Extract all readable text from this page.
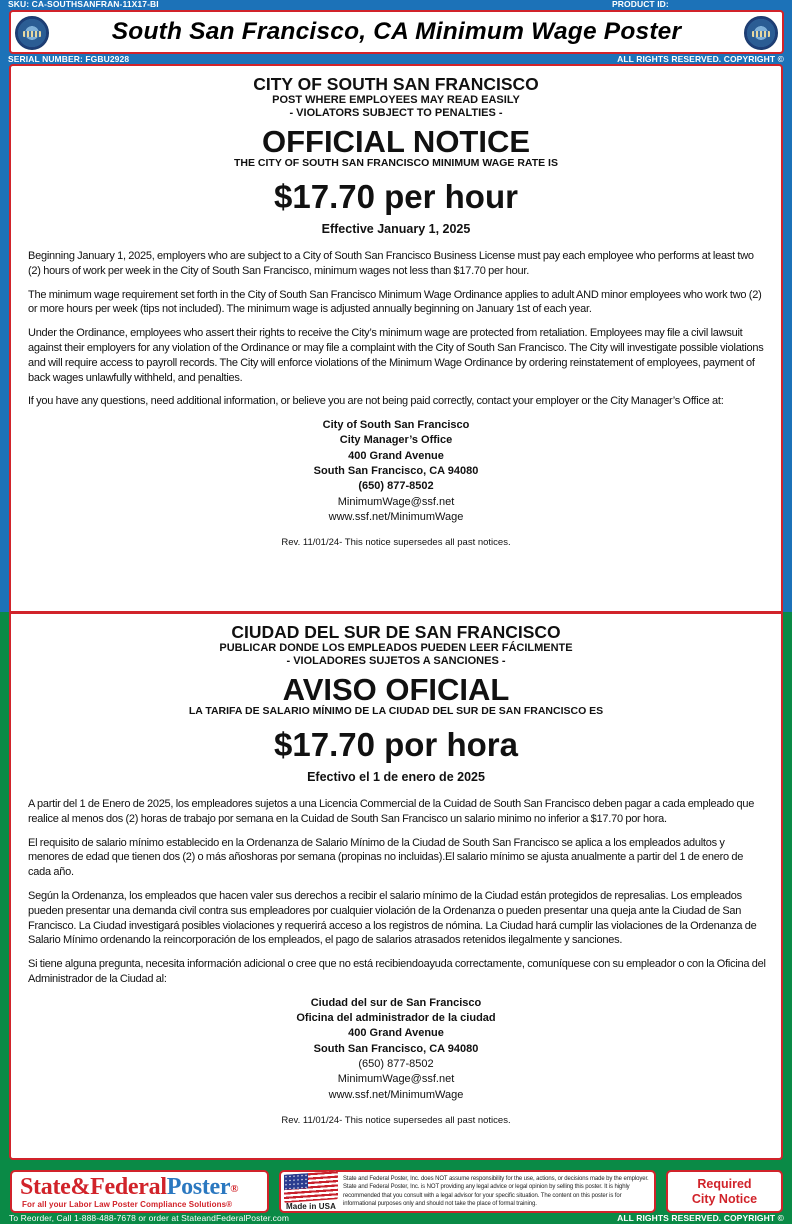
SKU: CA-SOUTHSANFRAN-11X17-BI	PRODUCT ID:
South San Francisco, CA Minimum Wage Poster
SERIAL NUMBER: FGBU2928	ALL RIGHTS RESERVED. COPYRIGHT ©
CITY OF SOUTH SAN FRANCISCO
POST WHERE EMPLOYEES MAY READ EASILY
- VIOLATORS SUBJECT TO PENALTIES -
OFFICIAL NOTICE
THE CITY OF SOUTH SAN FRANCISCO MINIMUM WAGE RATE IS
$17.70 per hour
Effective January 1, 2025

Beginning January 1, 2025, employers who are subject to a City of South San Francisco Business License must pay each employee who performs at least two (2) hours of work per week in the City of South San Francisco, minimum wages not less than $17.70 per hour.

The minimum wage requirement set forth in the City of South San Francisco Minimum Wage Ordinance applies to adult AND minor employees who work two (2) or more hours per week (tips not included). The minimum wage is adjusted annually beginning on January 1st of each year.

Under the Ordinance, employees who assert their rights to receive the City’s minimum wage are protected from retaliation. Employees may file a civil lawsuit against their employers for any violation of the Ordinance or may file a complaint with the City of South San Francisco. The City will investigate possible violations and will require access to payroll records. The City will enforce violations of the Minimum Wage Ordinance by ordering reinstatement of employees, payment of back wages unlawfully withheld, and penalties.

If you have any questions, need additional information, or believe you are not being paid correctly, contact your employer or the City Manager’s Office at:

City of South San Francisco
City Manager’s Office
400 Grand Avenue
South San Francisco, CA 94080
(650) 877-8502
MinimumWage@ssf.net
www.ssf.net/MinimumWage
Rev. 11/01/24- This notice supersedes all past notices.
CIUDAD DEL SUR DE SAN FRANCISCO
PUBLICAR DONDE LOS EMPLEADOS PUEDEN LEER FÁCILMENTE
- VIOLADORES SUJETOS A SANCIONES -
AVISO OFICIAL
LA TARIFA DE SALARIO MÍNIMO DE LA CIUDAD DEL SUR DE SAN FRANCISCO ES
$17.70 por hora
Efectivo el 1 de enero de 2025

A partir del 1 de Enero de 2025, los empleadores sujetos a una Licencia Commercial de la Cuidad de South San Francisco deben pagar a cada empleado que realice al menos dos (2) horas de trabajo por semana en la Cuidad de South San Francisco un salario minimo no inferior a $17.70 por hora.

El requisito de salario mínimo establecido en la Ordenanza de Salario Mínimo de la Ciudad de South San Francisco se aplica a los empleados adultos y menores de edad que tienen dos (2) o más añoshoras por semana (propinas no incluidas).El salario mínimo se ajusta anualmente a partir del 1 de enero de cada año.

Según la Ordenanza, los empleados que hacen valer sus derechos a recibir el salario mínimo de la Ciudad están protegidos de represalias. Los empleados pueden presentar una demanda civil contra sus empleadores por cualquier violación de la Ordenanza o pueden presentar una queja ante la Ciudad de San Francisco. La Ciudad investigará posibles violaciones y requerirá acceso a los registros de nómina. La Ciudad hará cumplir las violaciones de la Ordenanza de Salario Mínimo ordenando la reincorporación de los empleados, el pago de salarios atrasados retenidos ilegalmente y sanciones.

Si tiene alguna pregunta, necesita información adicional o cree que no está recibiendoayuda correctamente, comuníquese con su empleador o con la Oficina del Administrador de la Ciudad al:

Ciudad del sur de San Francisco
Oficina del administrador de la ciudad
400 Grand Avenue
South San Francisco, CA 94080
(650) 877-8502
MinimumWage@ssf.net
www.ssf.net/MinimumWage
Rev. 11/01/24- This notice supersedes all past notices.
State&FederalPoster®
For all your Labor Law Poster Compliance Solutions®	Made in USA
State and Federal Poster, Inc. does NOT assume responsibility for the use, actions, or decisions made by the employer. State and Federal Poster, Inc. is NOT providing any legal advice or legal opinion by selling this poster. It is highly recommended that you consult with a legal advisor for your specific situation. The content on this poster is for informational purposes only and should not take the place of formal training.
Required
City Notice
To Reorder, Call 1-888-488-7678 or order at StateandFederalPoster.com	ALL RIGHTS RESERVED. COPYRIGHT ©
